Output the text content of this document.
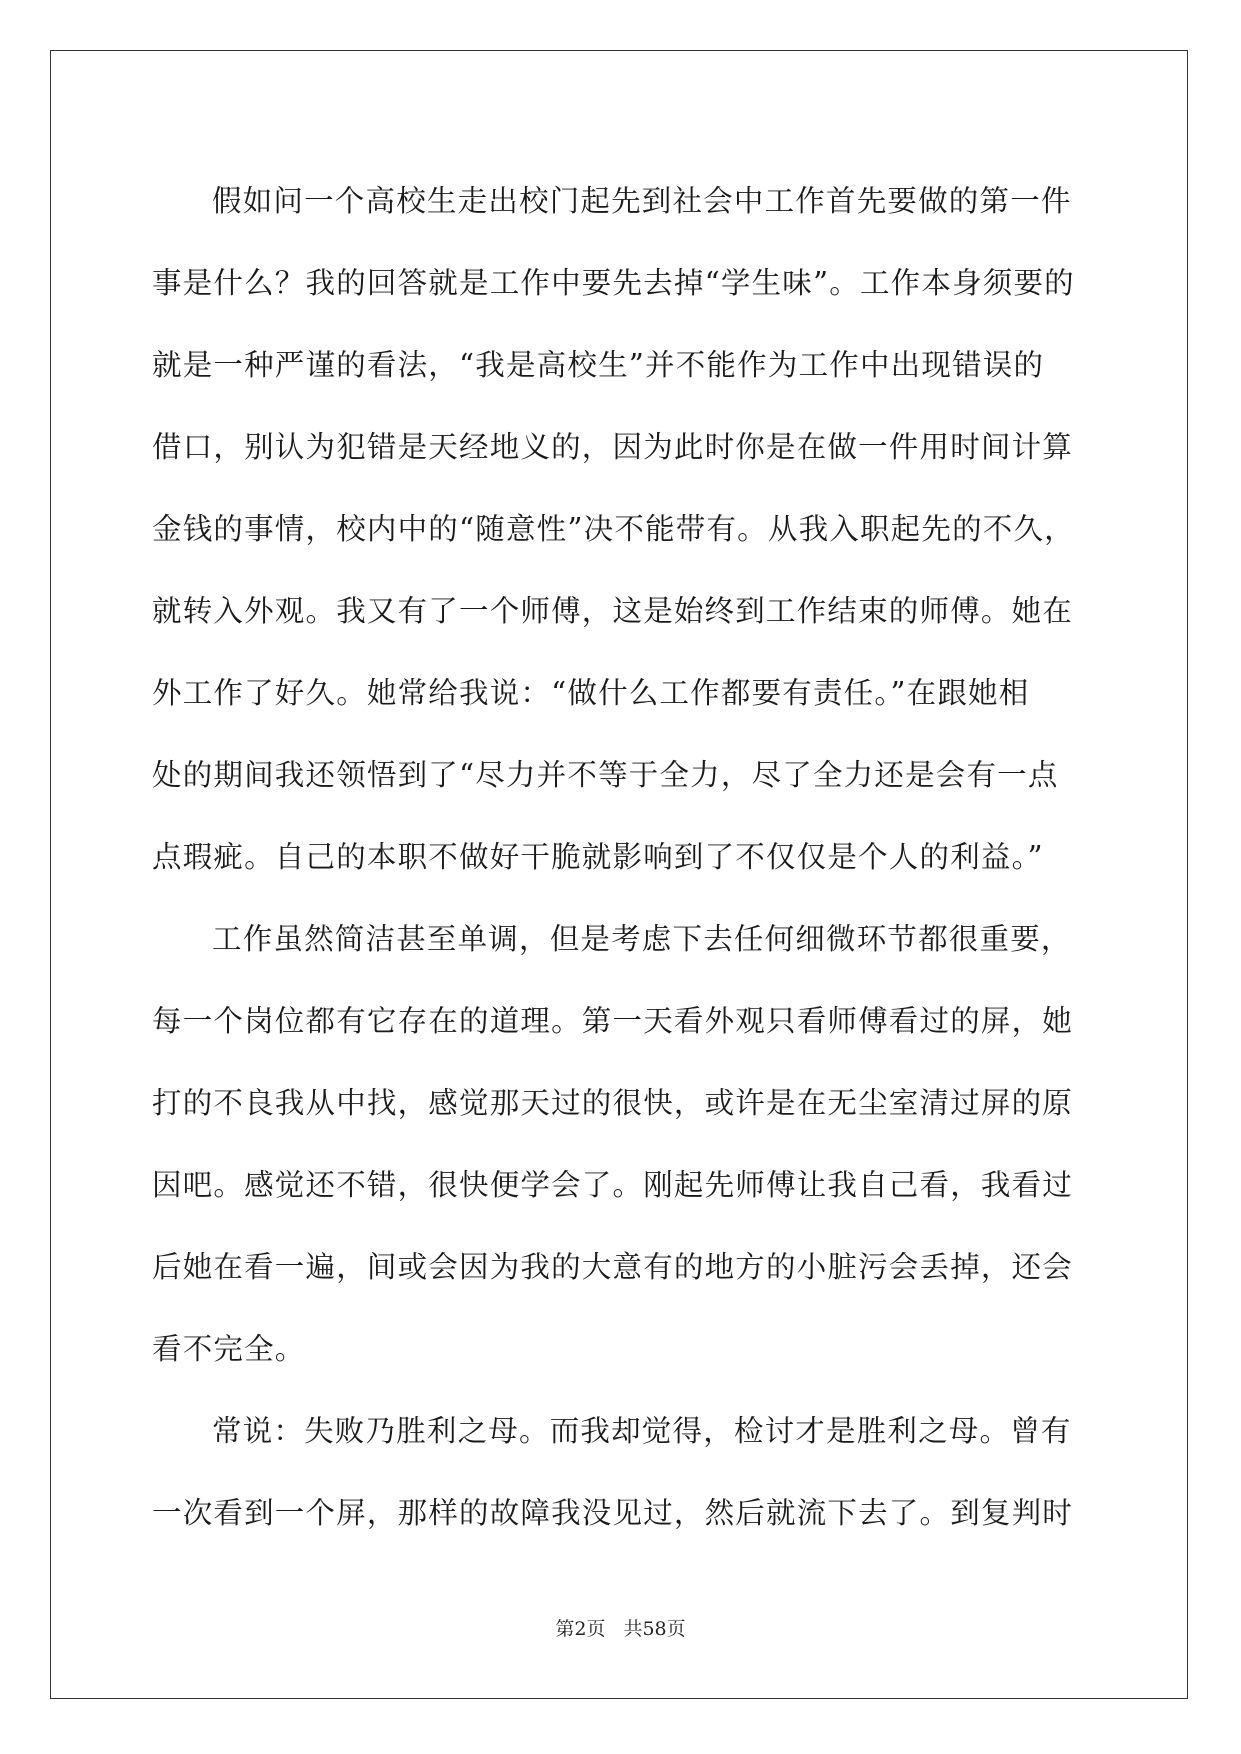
假如问一个高校生走出校门起先到社会中工作首先要做的第一件
事是什么？我的回答就是工作中要先去掉“学生味”。工作本身须要的
就是一种严谨的看法，“我是高校生”并不能作为工作中出现错误的
借口，别认为犯错是天经地义的，因为此时你是在做一件用时间计算
金钱的事情，校内中的“随意性”决不能带有。从我入职起先的不久，
就转入外观。我又有了一个师傅，这是始终到工作结束的师傅。她在
外工作了好久。她常给我说：“做什么工作都要有责任。”在跟她相
处的期间我还领悟到了“尽力并不等于全力，尽了全力还是会有一点
点瑕疵。自己的本职不做好干脆就影响到了不仅仅是个人的利益。”
工作虽然简洁甚至单调，但是考虑下去任何细微环节都很重要，
每一个岗位都有它存在的道理。第一天看外观只看师傅看过的屏，她
打的不良我从中找，感觉那天过的很快，或许是在无尘室清过屏的原
因吧。感觉还不错，很快便学会了。刚起先师傅让我自己看，我看过
后她在看一遍，间或会因为我的大意有的地方的小脏污会丢掉，还会
看不完全。
常说：失败乃胜利之母。而我却觉得，检讨才是胜利之母。曾有
一次看到一个屏，那样的故障我没见过，然后就流下去了。到复判时
第2页 共58页
